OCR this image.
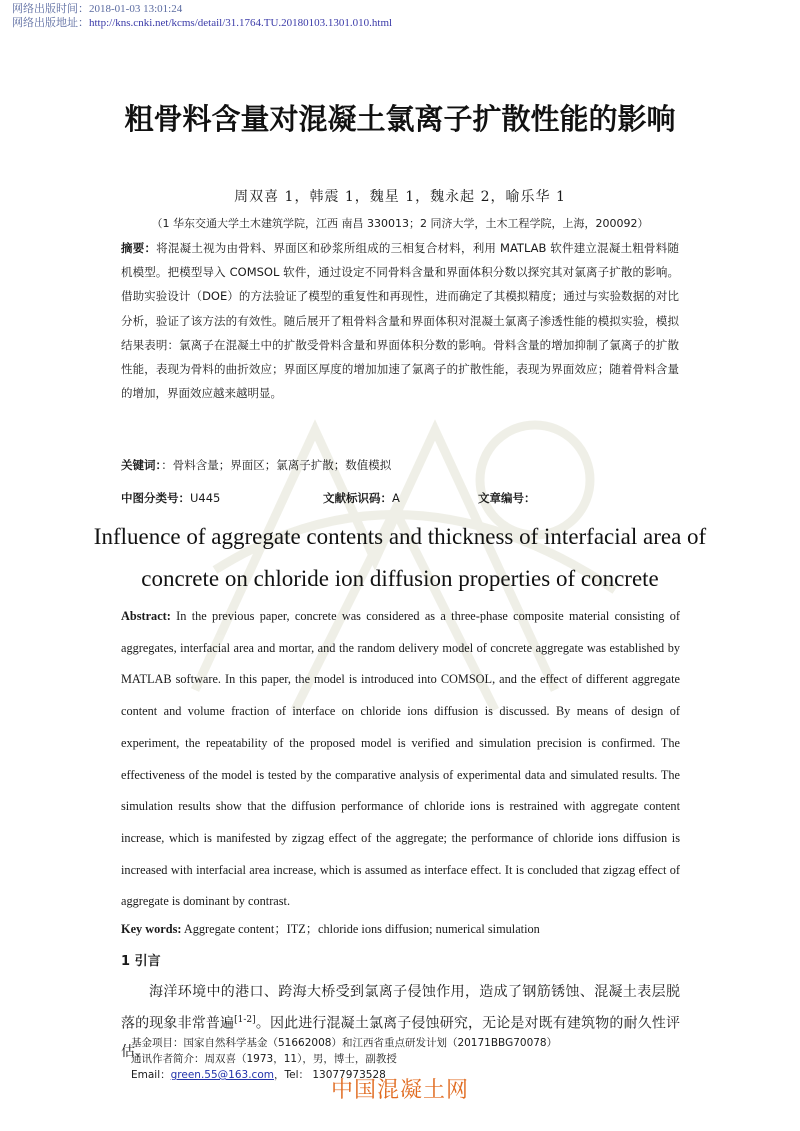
网络出版时间：2018-01-03 13:01:24
网络出版地址：http://kns.cnki.net/kcms/detail/31.1764.TU.20180103.1301.010.html
粗骨料含量对混凝土氯离子扩散性能的影响
周双喜 1，韩震 1，魏星 1，魏永起 2，喻乐华 1
（1 华东交通大学土木建筑学院，江西 南昌 330013；2 同济大学，土木工程学院，上海，200092）
摘要：将混凝土视为由骨料、界面区和砂浆所组成的三相复合材料，利用 MATLAB 软件建立混凝土粗骨料随机模型。把模型导入 COMSOL 软件，通过设定不同骨料含量和界面体积分数以探究其对氯离子扩散的影响。借助实验设计（DOE）的方法验证了模型的重复性和再现性，进而确定了其模拟精度；通过与实验数据的对比分析，验证了该方法的有效性。随后展开了粗骨料含量和界面体积对混凝土氯离子渗透性能的模拟实验，模拟结果表明：氯离子在混凝土中的扩散受骨料含量和界面体积分数的影响。骨料含量的增加抑制了氯离子的扩散性能，表现为骨料的曲折效应；界面区厚度的增加加速了氯离子的扩散性能，表现为界面效应；随着骨料含量的增加，界面效应越来越明显。
关键词：：骨料含量；界面区；氯离子扩散；数值模拟
中图分类号：U445	文献标识码：A	文章编号：
Influence of aggregate contents and thickness of interfacial area of concrete on chloride ion diffusion properties of concrete
Abstract: In the previous paper, concrete was considered as a three-phase composite material consisting of aggregates, interfacial area and mortar, and the random delivery model of concrete aggregate was established by MATLAB software. In this paper, the model is introduced into COMSOL, and the effect of different aggregate content and volume fraction of interface on chloride ions diffusion is discussed. By means of design of experiment, the repeatability of the proposed model is verified and simulation precision is confirmed. The effectiveness of the model is tested by the comparative analysis of experimental data and simulated results. The simulation results show that the diffusion performance of chloride ions is restrained with aggregate content increase, which is manifested by zigzag effect of the aggregate; the performance of chloride ions diffusion is increased with interfacial area increase, which is assumed as interface effect. It is concluded that zigzag effect of aggregate is dominant by contrast.
Key words: Aggregate content；ITZ；chloride ions diffusion; numerical simulation
1 引言

海洋环境中的港口、跨海大桥受到氯离子侵蚀作用，造成了钢筋锈蚀、混凝土表层脱落的现象非常普遍[1-2]。因此进行混凝土氯离子侵蚀研究，无论是对既有建筑物的耐久性评估、

基金项目：国家自然科学基金（51662008）和江西省重点研发计划（20171BBG70078）
通讯作者简介：周双喜（1973，11），男，博士，副教授
Email：green.55@163.com，Tel： 13077973528
中国混凝土网
